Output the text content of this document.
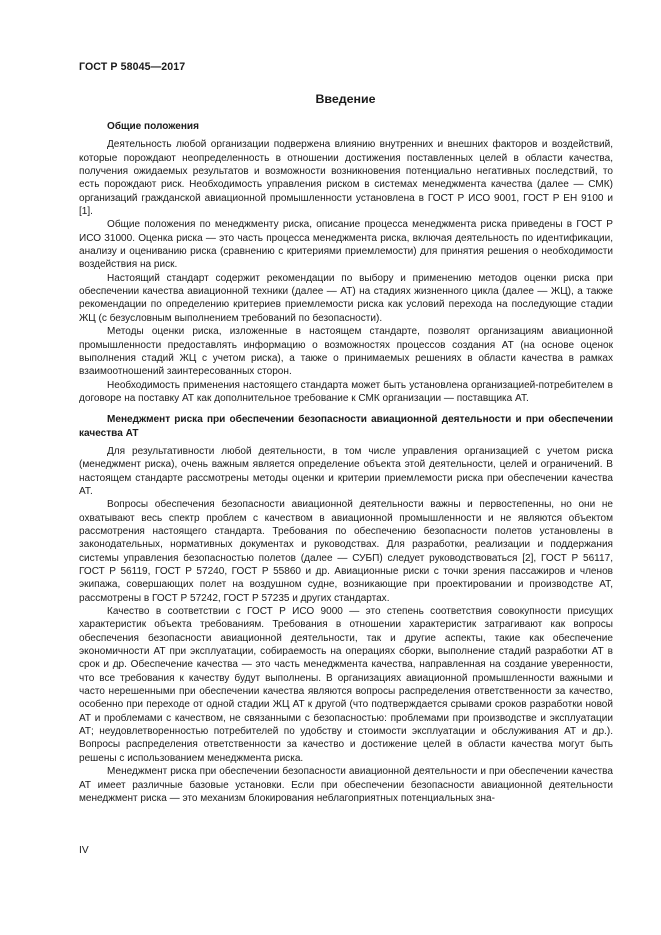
ГОСТ Р 58045—2017
Введение
Общие положения

Деятельность любой организации подвержена влиянию внутренних и внешних факторов и воздействий, которые порождают неопределенность в отношении достижения поставленных целей в области качества, получения ожидаемых результатов и возможности возникновения потенциально негативных последствий, то есть порождают риск. Необходимость управления риском в системах менеджмента качества (далее — СМК) организаций гражданской авиационной промышленности установлена в ГОСТ Р ИСО 9001, ГОСТ Р ЕН 9100 и [1].

Общие положения по менеджменту риска, описание процесса менеджмента риска приведены в ГОСТ Р ИСО 31000. Оценка риска — это часть процесса менеджмента риска, включая деятельность по идентификации, анализу и оцениванию риска (сравнению с критериями приемлемости) для принятия решения о необходимости воздействия на риск.

Настоящий стандарт содержит рекомендации по выбору и применению методов оценки риска при обеспечении качества авиационной техники (далее — АТ) на стадиях жизненного цикла (далее — ЖЦ), а также рекомендации по определению критериев приемлемости риска как условий перехода на последующие стадии ЖЦ (с безусловным выполнением требований по безопасности).

Методы оценки риска, изложенные в настоящем стандарте, позволят организациям авиационной промышленности предоставлять информацию о возможностях процессов создания АТ (на основе оценок выполнения стадий ЖЦ с учетом риска), а также о принимаемых решениях в области качества в рамках взаимоотношений заинтересованных сторон.

Необходимость применения настоящего стандарта может быть установлена организацией-потребителем в договоре на поставку АТ как дополнительное требование к СМК организации — поставщика АТ.

Менеджмент риска при обеспечении безопасности авиационной деятельности и при обеспечении качества АТ

Для результативности любой деятельности, в том числе управления организацией с учетом риска (менеджмент риска), очень важным является определение объекта этой деятельности, целей и ограничений. В настоящем стандарте рассмотрены методы оценки и критерии приемлемости риска при обеспечении качества АТ.

Вопросы обеспечения безопасности авиационной деятельности важны и первостепенны, но они не охватывают весь спектр проблем с качеством в авиационной промышленности и не являются объектом рассмотрения настоящего стандарта. Требования по обеспечению безопасности полетов установлены в законодательных, нормативных документах и руководствах. Для разработки, реализации и поддержания системы управления безопасностью полетов (далее — СУБП) следует руководствоваться [2], ГОСТ Р 56117, ГОСТ Р 56119, ГОСТ Р 57240, ГОСТ Р 55860 и др. Авиационные риски с точки зрения пассажиров и членов экипажа, совершающих полет на воздушном судне, возникающие при проектировании и производстве АТ, рассмотрены в ГОСТ Р 57242, ГОСТ Р 57235 и других стандартах.

Качество в соответствии с ГОСТ Р ИСО 9000 — это степень соответствия совокупности присущих характеристик объекта требованиям. Требования в отношении характеристик затрагивают как вопросы обеспечения безопасности авиационной деятельности, так и другие аспекты, такие как обеспечение экономичности АТ при эксплуатации, собираемость на операциях сборки, выполнение стадий разработки АТ в срок и др. Обеспечение качества — это часть менеджмента качества, направленная на создание уверенности, что все требования к качеству будут выполнены. В организациях авиационной промышленности важными и часто нерешенными при обеспечении качества являются вопросы распределения ответственности за качество, особенно при переходе от одной стадии ЖЦ АТ к другой (что подтверждается срывами сроков разработки новой АТ и проблемами с качеством, не связанными с безопасностью: проблемами при производстве и эксплуатации АТ; неудовлетворенностью потребителей по удобству и стоимости эксплуатации и обслуживания АТ и др.). Вопросы распределения ответственности за качество и достижение целей в области качества могут быть решены с использованием менеджмента риска.

Менеджмент риска при обеспечении безопасности авиационной деятельности и при обеспечении качества АТ имеет различные базовые установки. Если при обеспечении безопасности авиационной деятельности менеджмент риска — это механизм блокирования неблагоприятных потенциальных зна-

IV
